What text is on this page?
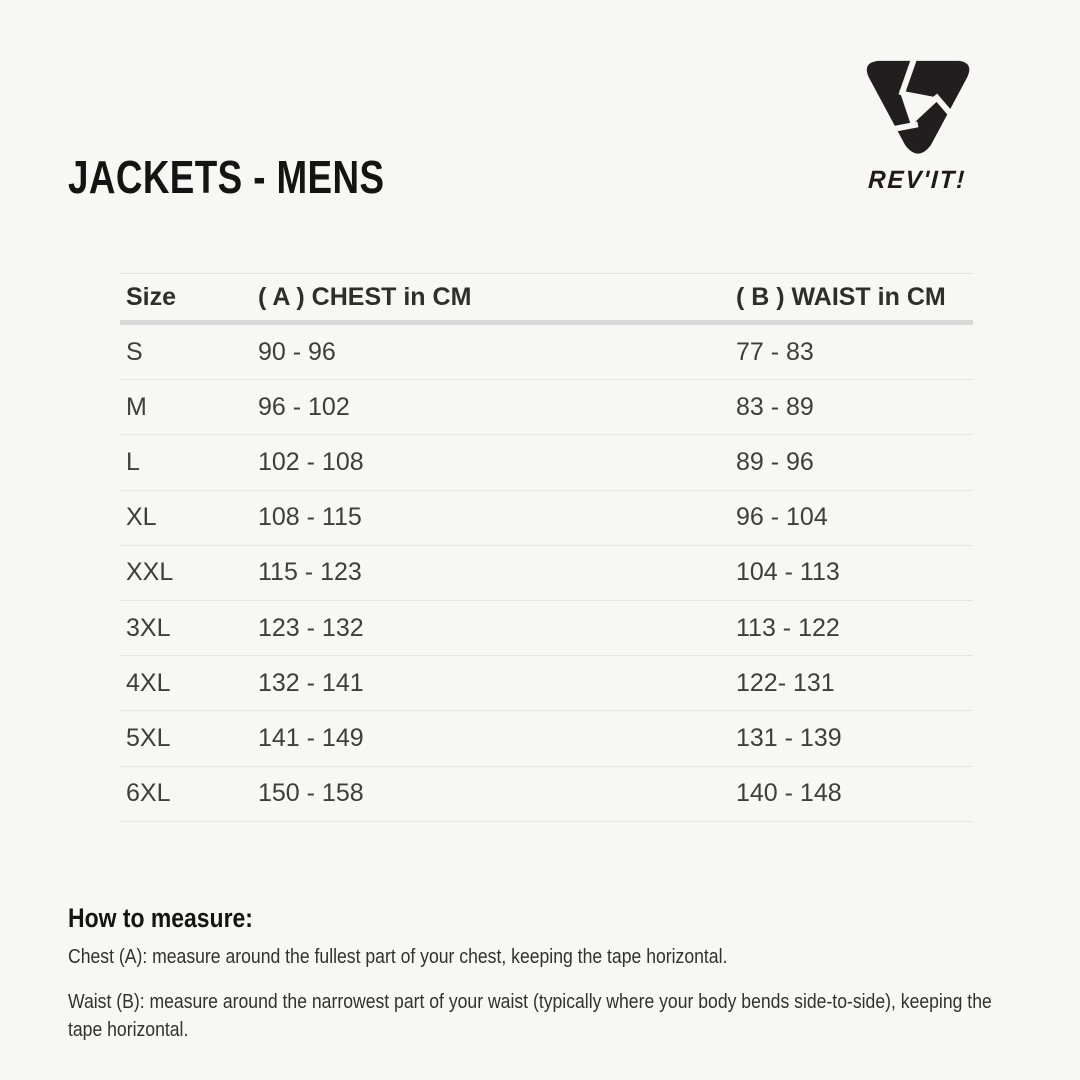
JACKETS - MENS	REV'IT!
Size	( A ) CHEST in CM	( B ) WAIST in CM
S	90 - 96	77 - 83
M	96 - 102	83 - 89
L	102 - 108	89 - 96
XL	108 - 115	96 - 104
XXL	115 - 123	104 - 113
3XL	123 - 132	113 - 122
4XL	132 - 141	122- 131
5XL	141 - 149	131 - 139
6XL	150 - 158	140 - 148
How to measure:

Chest (A): measure around the fullest part of your chest, keeping the tape horizontal.

Waist (B): measure around the narrowest part of your waist (typically where your body bends side-to-side), keeping the tape horizontal.
